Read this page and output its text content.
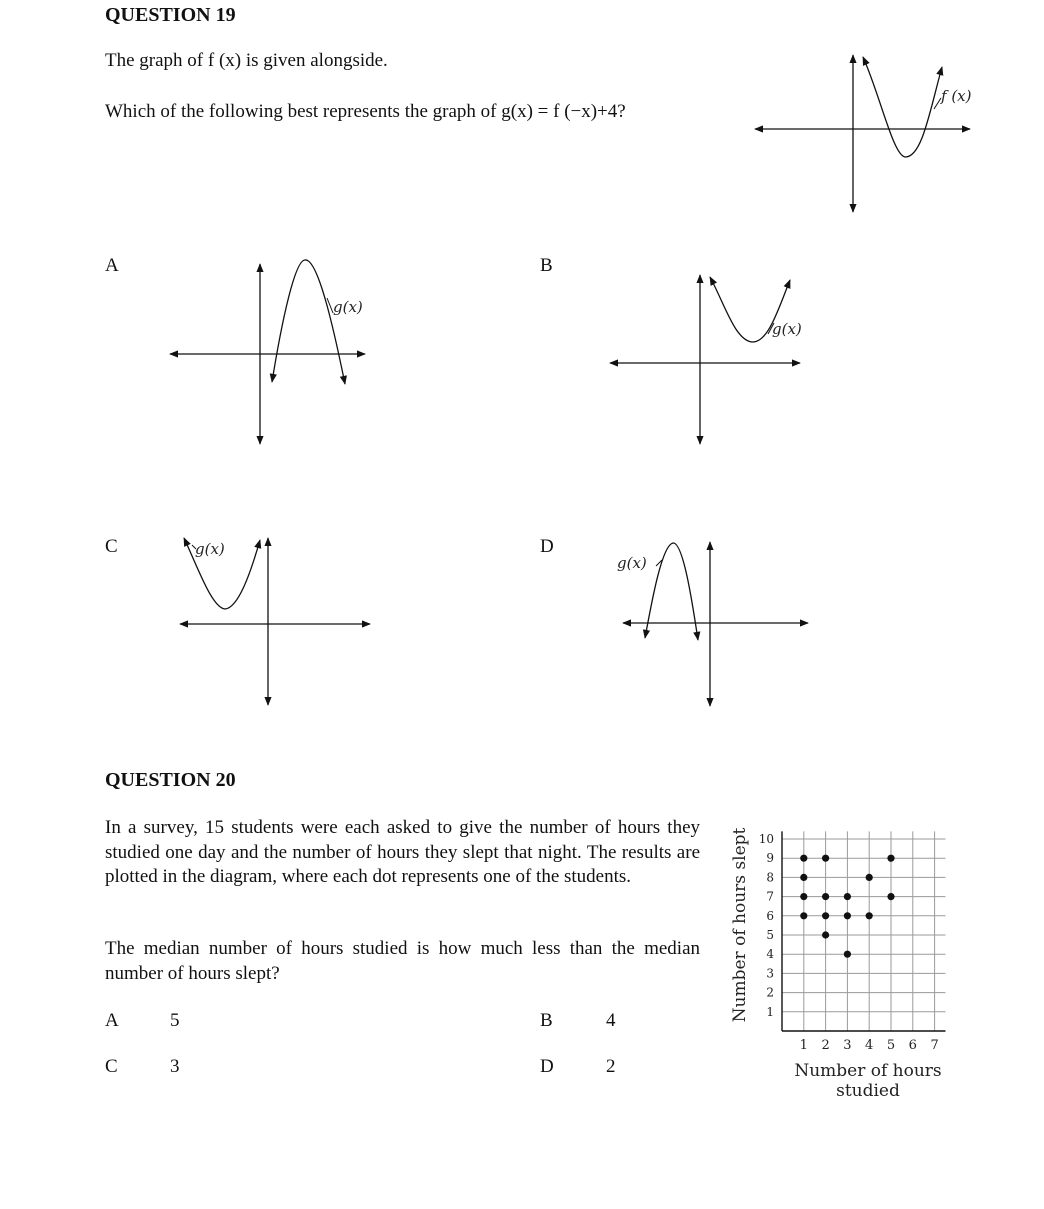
QUESTION 19
The graph of f (x) is given alongside.
Which of the following best represents the graph of g(x) = f (−x)+4?
f (x)
A	B
C	D
g(x)
g(x)
g(x)
g(x)
QUESTION 20
In a survey, 15 students were each asked to give the number of hours they studied one day and the number of hours they slept that night. The results are plotted in the diagram, where each dot represents one of the students.
The median number of hours studied is how much less than the median number of hours slept?
A	5	B	4
C	3	D	2
1 2 3 4 5 6 7
1
2
3
4
5
6
7
8
9
10
Number of hours
studied
Number of hours slept
